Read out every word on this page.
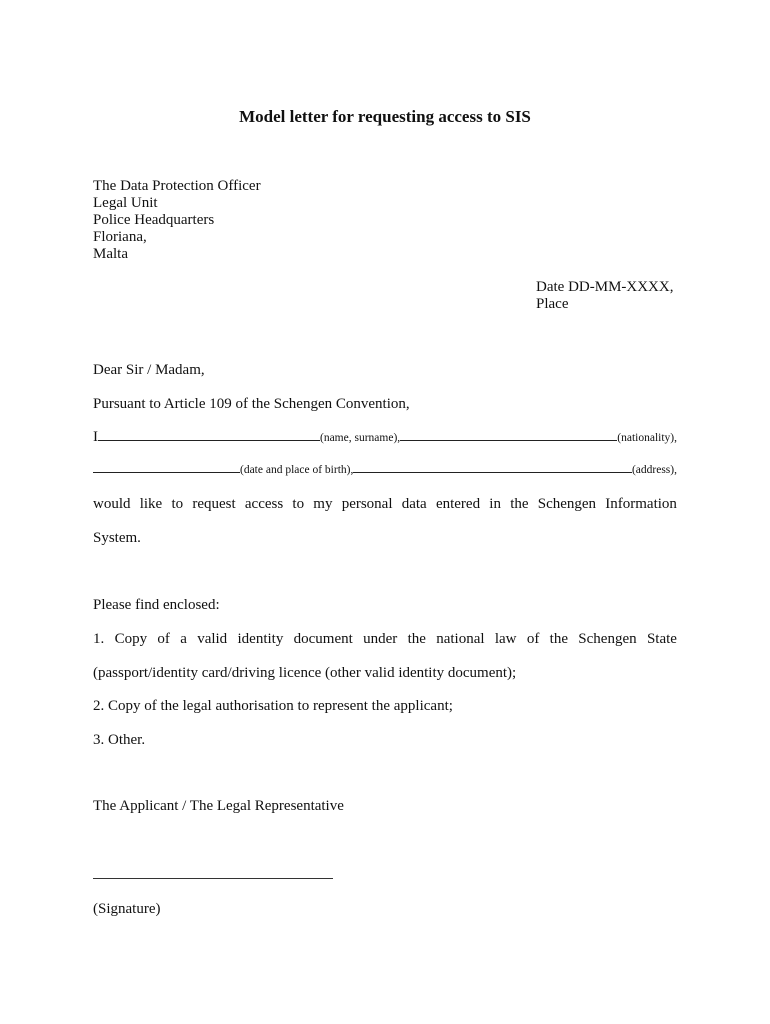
Model letter for requesting access to SIS
The Data Protection Officer
Legal Unit
Police Headquarters
Floriana,
Malta
Date DD-MM-XXXX,
Place
Dear Sir / Madam,
Pursuant to Article 109 of the Schengen Convention,
I	(name, surname),	(nationality),
(date and place of birth),	(address),
would like to request access to my personal data entered in the Schengen Information
System.
Please find enclosed:
1. Copy of a valid identity document under the national law of the Schengen State
(passport/identity card/driving licence (other valid identity document);
2. Copy of the legal authorisation to represent the applicant;
3. Other.
The Applicant / The Legal Representative
(Signature)
